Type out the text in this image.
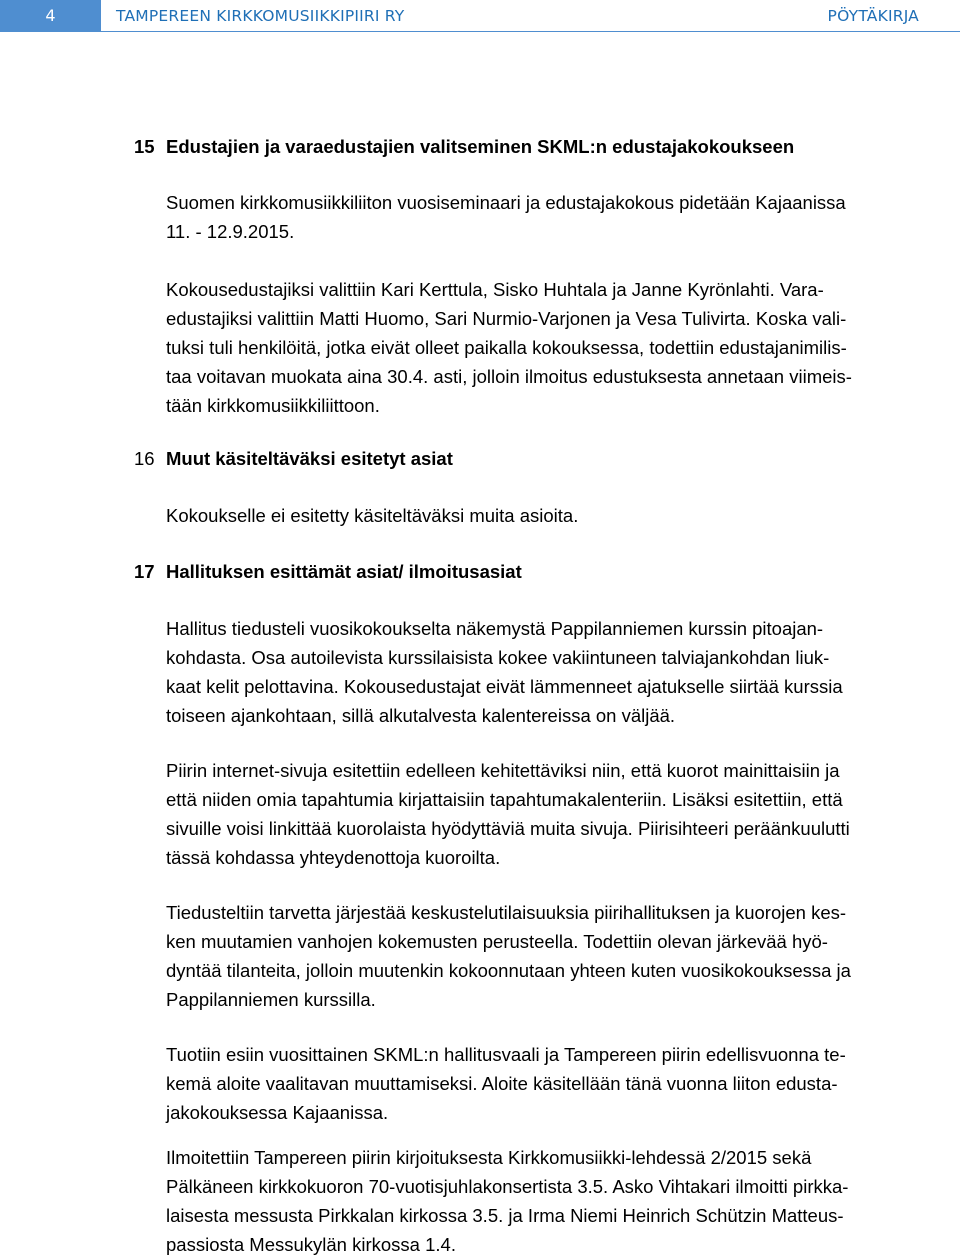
4	TAMPEREEN KIRKKOMUSIIKKIPIIRI RY	PÖYTÄKIRJA
15 Edustajien ja varaedustajien valitseminen SKML:n edustajakokoukseen
Suomen kirkkomusiikkiliiton vuosiseminaari ja edustajakokous pidetään Kajaanissa
11. - 12.9.2015.
Kokousedustajiksi valittiin Kari Kerttula, Sisko Huhtala ja Janne Kyrönlahti. Vara-
edustajiksi valittiin Matti Huomo, Sari Nurmio-Varjonen ja Vesa Tulivirta. Koska vali-
tuksi tuli henkilöitä, jotka eivät olleet paikalla kokouksessa, todettiin edustajanimilis-
taa voitavan muokata aina 30.4. asti, jolloin ilmoitus edustuksesta annetaan viimeis-
tään kirkkomusiikkiliittoon.
16 Muut käsiteltäväksi esitetyt asiat
Kokoukselle ei esitetty käsiteltäväksi muita asioita.
17 Hallituksen esittämät asiat/ ilmoitusasiat
Hallitus tiedusteli vuosikokoukselta näkemystä Pappilanniemen kurssin pitoajan-
kohdasta. Osa autoilevista kurssilaisista kokee vakiintuneen talviajankohdan liuk-
kaat kelit pelottavina. Kokousedustajat eivät lämmenneet ajatukselle siirtää kurssia
toiseen ajankohtaan, sillä alkutalvesta kalentereissa on väljää.
Piirin internet-sivuja esitettiin edelleen kehitettäviksi niin, että kuorot mainittaisiin ja
että niiden omia tapahtumia kirjattaisiin tapahtumakalenteriin. Lisäksi esitettiin, että
sivuille voisi linkittää kuorolaista hyödyttäviä muita sivuja. Piirisihteeri peräänkuulutti
tässä kohdassa yhteydenottoja kuoroilta.
Tiedusteltiin tarvetta järjestää keskustelutilaisuuksia piirihallituksen ja kuorojen kes-
ken muutamien vanhojen kokemusten perusteella. Todettiin olevan järkevää hyö-
dyntää tilanteita, jolloin muutenkin kokoonnutaan yhteen kuten vuosikokouksessa ja
Pappilanniemen kurssilla.
Tuotiin esiin vuosittainen SKML:n hallitusvaali ja Tampereen piirin edellisvuonna te-
kemä aloite vaalitavan muuttamiseksi. Aloite käsitellään tänä vuonna liiton edusta-
jakokouksessa Kajaanissa.
Ilmoitettiin Tampereen piirin kirjoituksesta Kirkkomusiikki-lehdessä 2/2015 sekä
Pälkäneen kirkkokuoron 70-vuotisjuhlakonsertista 3.5. Asko Vihtakari ilmoitti pirkka-
laisesta messusta Pirkkalan kirkossa 3.5. ja Irma Niemi Heinrich Schützin Matteus-
passiosta Messukylän kirkossa 1.4.
